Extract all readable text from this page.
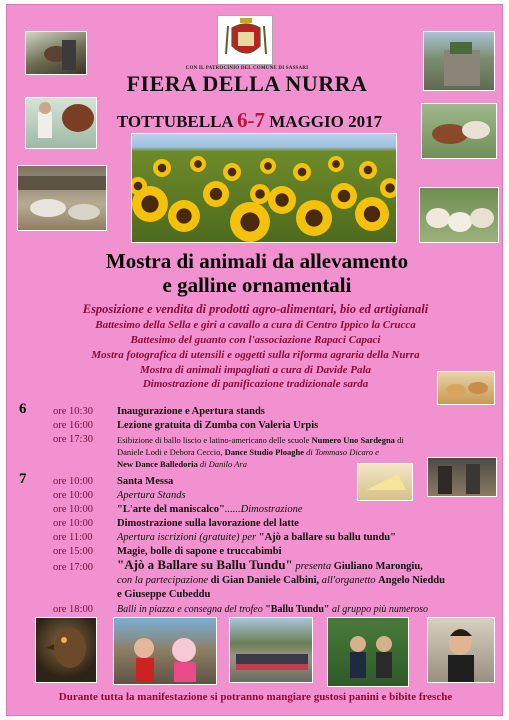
CON IL PATROCINIO DEL COMUNE DI SASSARI
FIERA DELLA NURRA
TOTTUBELLA 6-7 MAGGIO 2017
Mostra di animali da allevamento
e galline ornamentali
Esposizione e vendita di prodotti agro-alimentari, bio ed artigianali
Battesimo della Sella e giri a cavallo a cura di Centro Ippico la Crucca
Battesimo del guanto con l'associazione Rapaci Capaci
Mostra fotografica di utensili e oggetti sulla riforma agraria della Nurra
Mostra di animali impagliati a cura di Davide Pala
Dimostrazione di panificazione tradizionale sarda
6	ore 10:30 Inaugurazione e Apertura stands
ore 16:00 Lezione gratuita di Zumba con Valeria Urpis
ore 17:30	Esibizione di ballo liscio e latino-americano delle scuole Numero Uno Sardegna di
Daniele Lodi e Debora Ceccio, Dance Studio Ploaghe di Tommaso Dicaro e
New Dance Balledoria di Danilo Ara
7	ore 10:00 Santa Messa
ore 10:00 Apertura Stands
ore 10:00 "L'arte del maniscalco"......Dimostrazione
ore 10:00 Dimostrazione sulla lavorazione del latte
ore 11:00 Apertura iscrizioni (gratuite) per "Ajò a ballare su ballu tundu"
ore 15:00 Magie, bolle di sapone e truccabimbi
ore 17:00 "Ajò a Ballare su Ballu Tundu" presenta Giuliano Marongiu,
con la partecipazione di Gian Daniele Calbini, all'organetto Angelo Nieddu
e Giuseppe Cubeddu
ore 18:00 Balli in piazza e consegna del trofeo "Ballu Tundu" al gruppo più numeroso
Durante tutta la manifestazione si potranno mangiare gustosi panini e bibite fresche
